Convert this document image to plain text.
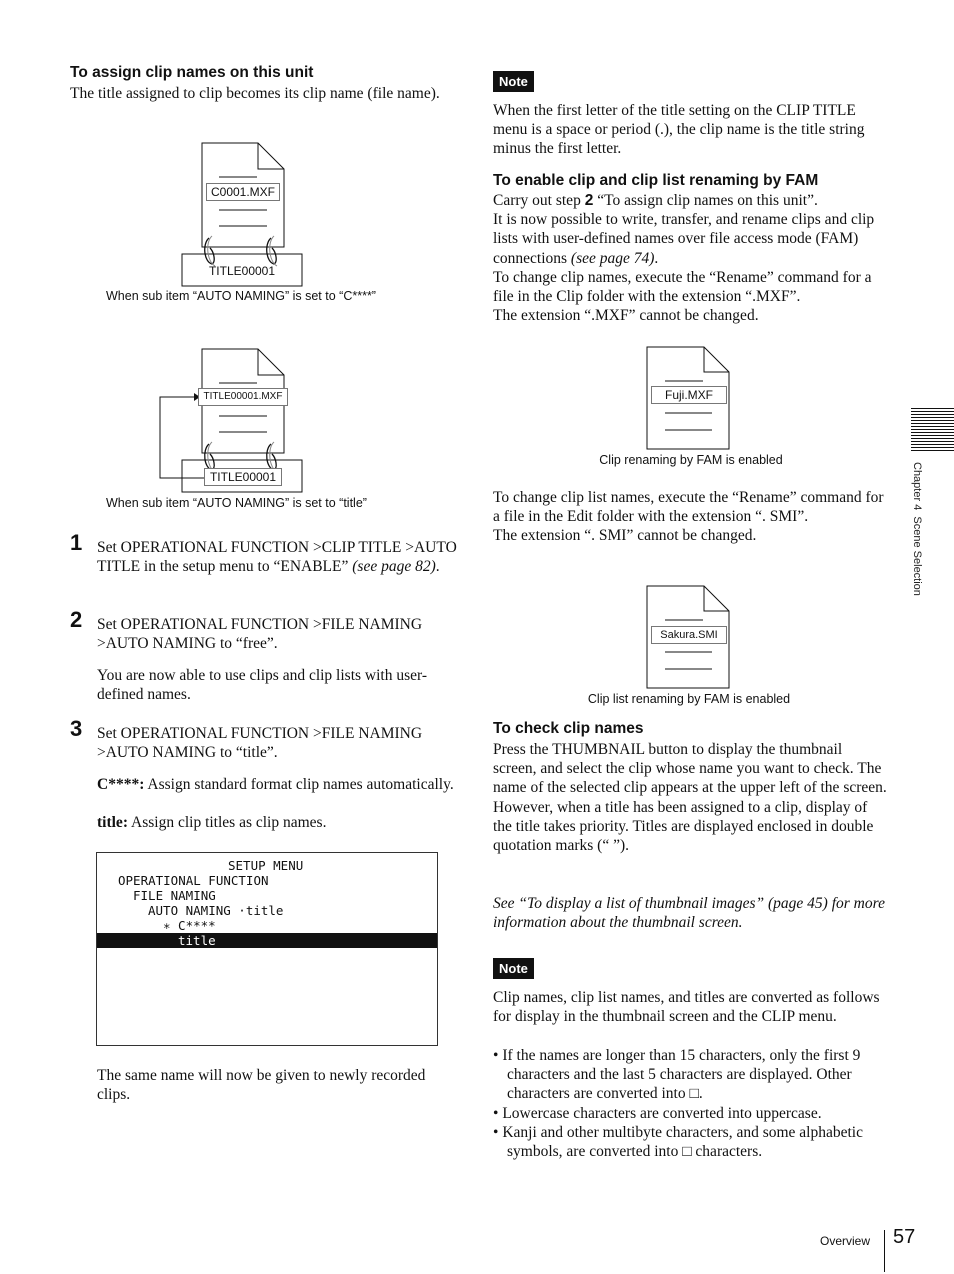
To assign clip names on this unit
The title assigned to clip becomes its clip name (file name).
C0001.MXF
TITLE00001
When sub item “AUTO NAMING” is set to “C****”
TITLE00001.MXF
TITLE00001
When sub item “AUTO NAMING” is set to “title”
1 Set OPERATIONAL FUNCTION >CLIP TITLE >AUTO TITLE in the setup menu to “ENABLE” (see page 82).
2 Set OPERATIONAL FUNCTION >FILE NAMING >AUTO NAMING to “free”.
You are now able to use clips and clip lists with user-defined names.
3 Set OPERATIONAL FUNCTION >FILE NAMING >AUTO NAMING to “title”.
C****: Assign standard format clip names automatically.
title: Assign clip titles as clip names.
SETUP MENU
OPERATIONAL FUNCTION
FILE NAMING
AUTO NAMING ·title
∗ C****
title
The same name will now be given to newly recorded clips.
Note
When the first letter of the title setting on the CLIP TITLE menu is a space or period (.), the clip name is the title string minus the first letter.
To enable clip and clip list renaming by FAM
Carry out step 2 “To assign clip names on this unit”.
It is now possible to write, transfer, and rename clips and clip lists with user-defined names over file access mode (FAM) connections (see page 74).
To change clip names, execute the “Rename” command for a file in the Clip folder with the extension “.MXF”.
The extension “.MXF” cannot be changed.
Fuji.MXF
Clip renaming by FAM is enabled
To change clip list names, execute the “Rename” command for a file in the Edit folder with the extension “. SMI”.
The extension “. SMI” cannot be changed.
Sakura.SMI
Clip list renaming by FAM is enabled
To check clip names
Press the THUMBNAIL button to display the thumbnail screen, and select the clip whose name you want to check. The name of the selected clip appears at the upper left of the screen.
However, when a title has been assigned to a clip, display of the title takes priority. Titles are displayed enclosed in double quotation marks (“ ”).
See “To display a list of thumbnail images” (page 45) for more information about the thumbnail screen.
Note
Clip names, clip list names, and titles are converted as follows for display in the thumbnail screen and the CLIP menu.
• If the names are longer than 15 characters, only the first 9 characters and the last 5 characters are displayed. Other characters are converted into □.
• Lowercase characters are converted into uppercase.
• Kanji and other multibyte characters, and some alphabetic symbols, are converted into □ characters.
Chapter 4  Scene Selection
Overview 57
